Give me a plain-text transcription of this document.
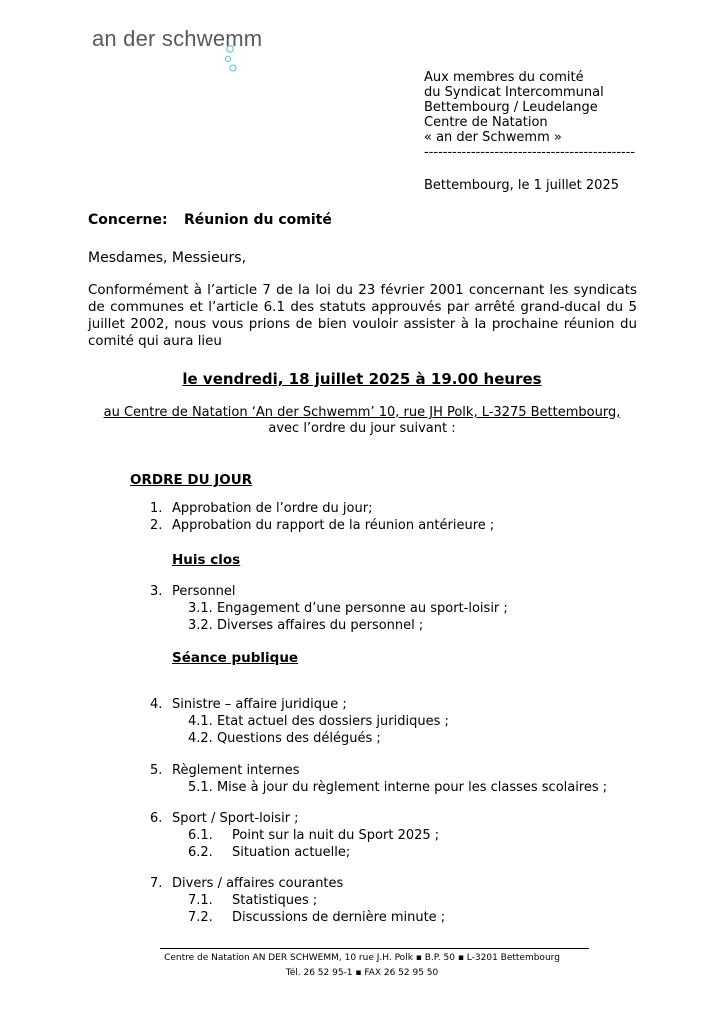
an der schwemm
Aux membres du comité
du Syndicat Intercommunal
Bettembourg / Leudelange
Centre de Natation
« an der Schwemm »
---------------------------------------------
Bettembourg, le 1 juillet 2025
Concerne: Réunion du comité
Mesdames, Messieurs,
Conformément à l’article 7 de la loi du 23 février 2001 concernant les syndicats de communes et l’article 6.1 des statuts approuvés par arrêté grand-ducal du 5 juillet 2002, nous vous prions de bien vouloir assister à la prochaine réunion du comité qui aura lieu
le vendredi, 18 juillet 2025 à 19.00 heures
au Centre de Natation ‘An der Schwemm’ 10, rue JH Polk, L-3275 Bettembourg,
avec l’ordre du jour suivant :
ORDRE DU JOUR
1. Approbation de l’ordre du jour;
2. Approbation du rapport de la réunion antérieure ;
Huis clos
3. Personnel
3.1. Engagement d’une personne au sport-loisir ;
3.2. Diverses affaires du personnel ;
Séance publique
4. Sinistre – affaire juridique ;
4.1. Etat actuel des dossiers juridiques ;
4.2. Questions des délégués ;
5. Règlement internes
5.1. Mise à jour du règlement interne pour les classes scolaires ;
6. Sport / Sport-loisir ;
6.1. Point sur la nuit du Sport 2025 ;
6.2. Situation actuelle;
7. Divers / affaires courantes
7.1. Statistiques ;
7.2. Discussions de dernière minute ;
Centre de Natation AN DER SCHWEMM, 10 rue J.H. Polk ▪ B.P. 50 ▪ L-3201 Bettembourg
Tél. 26 52 95-1 ▪ FAX 26 52 95 50
